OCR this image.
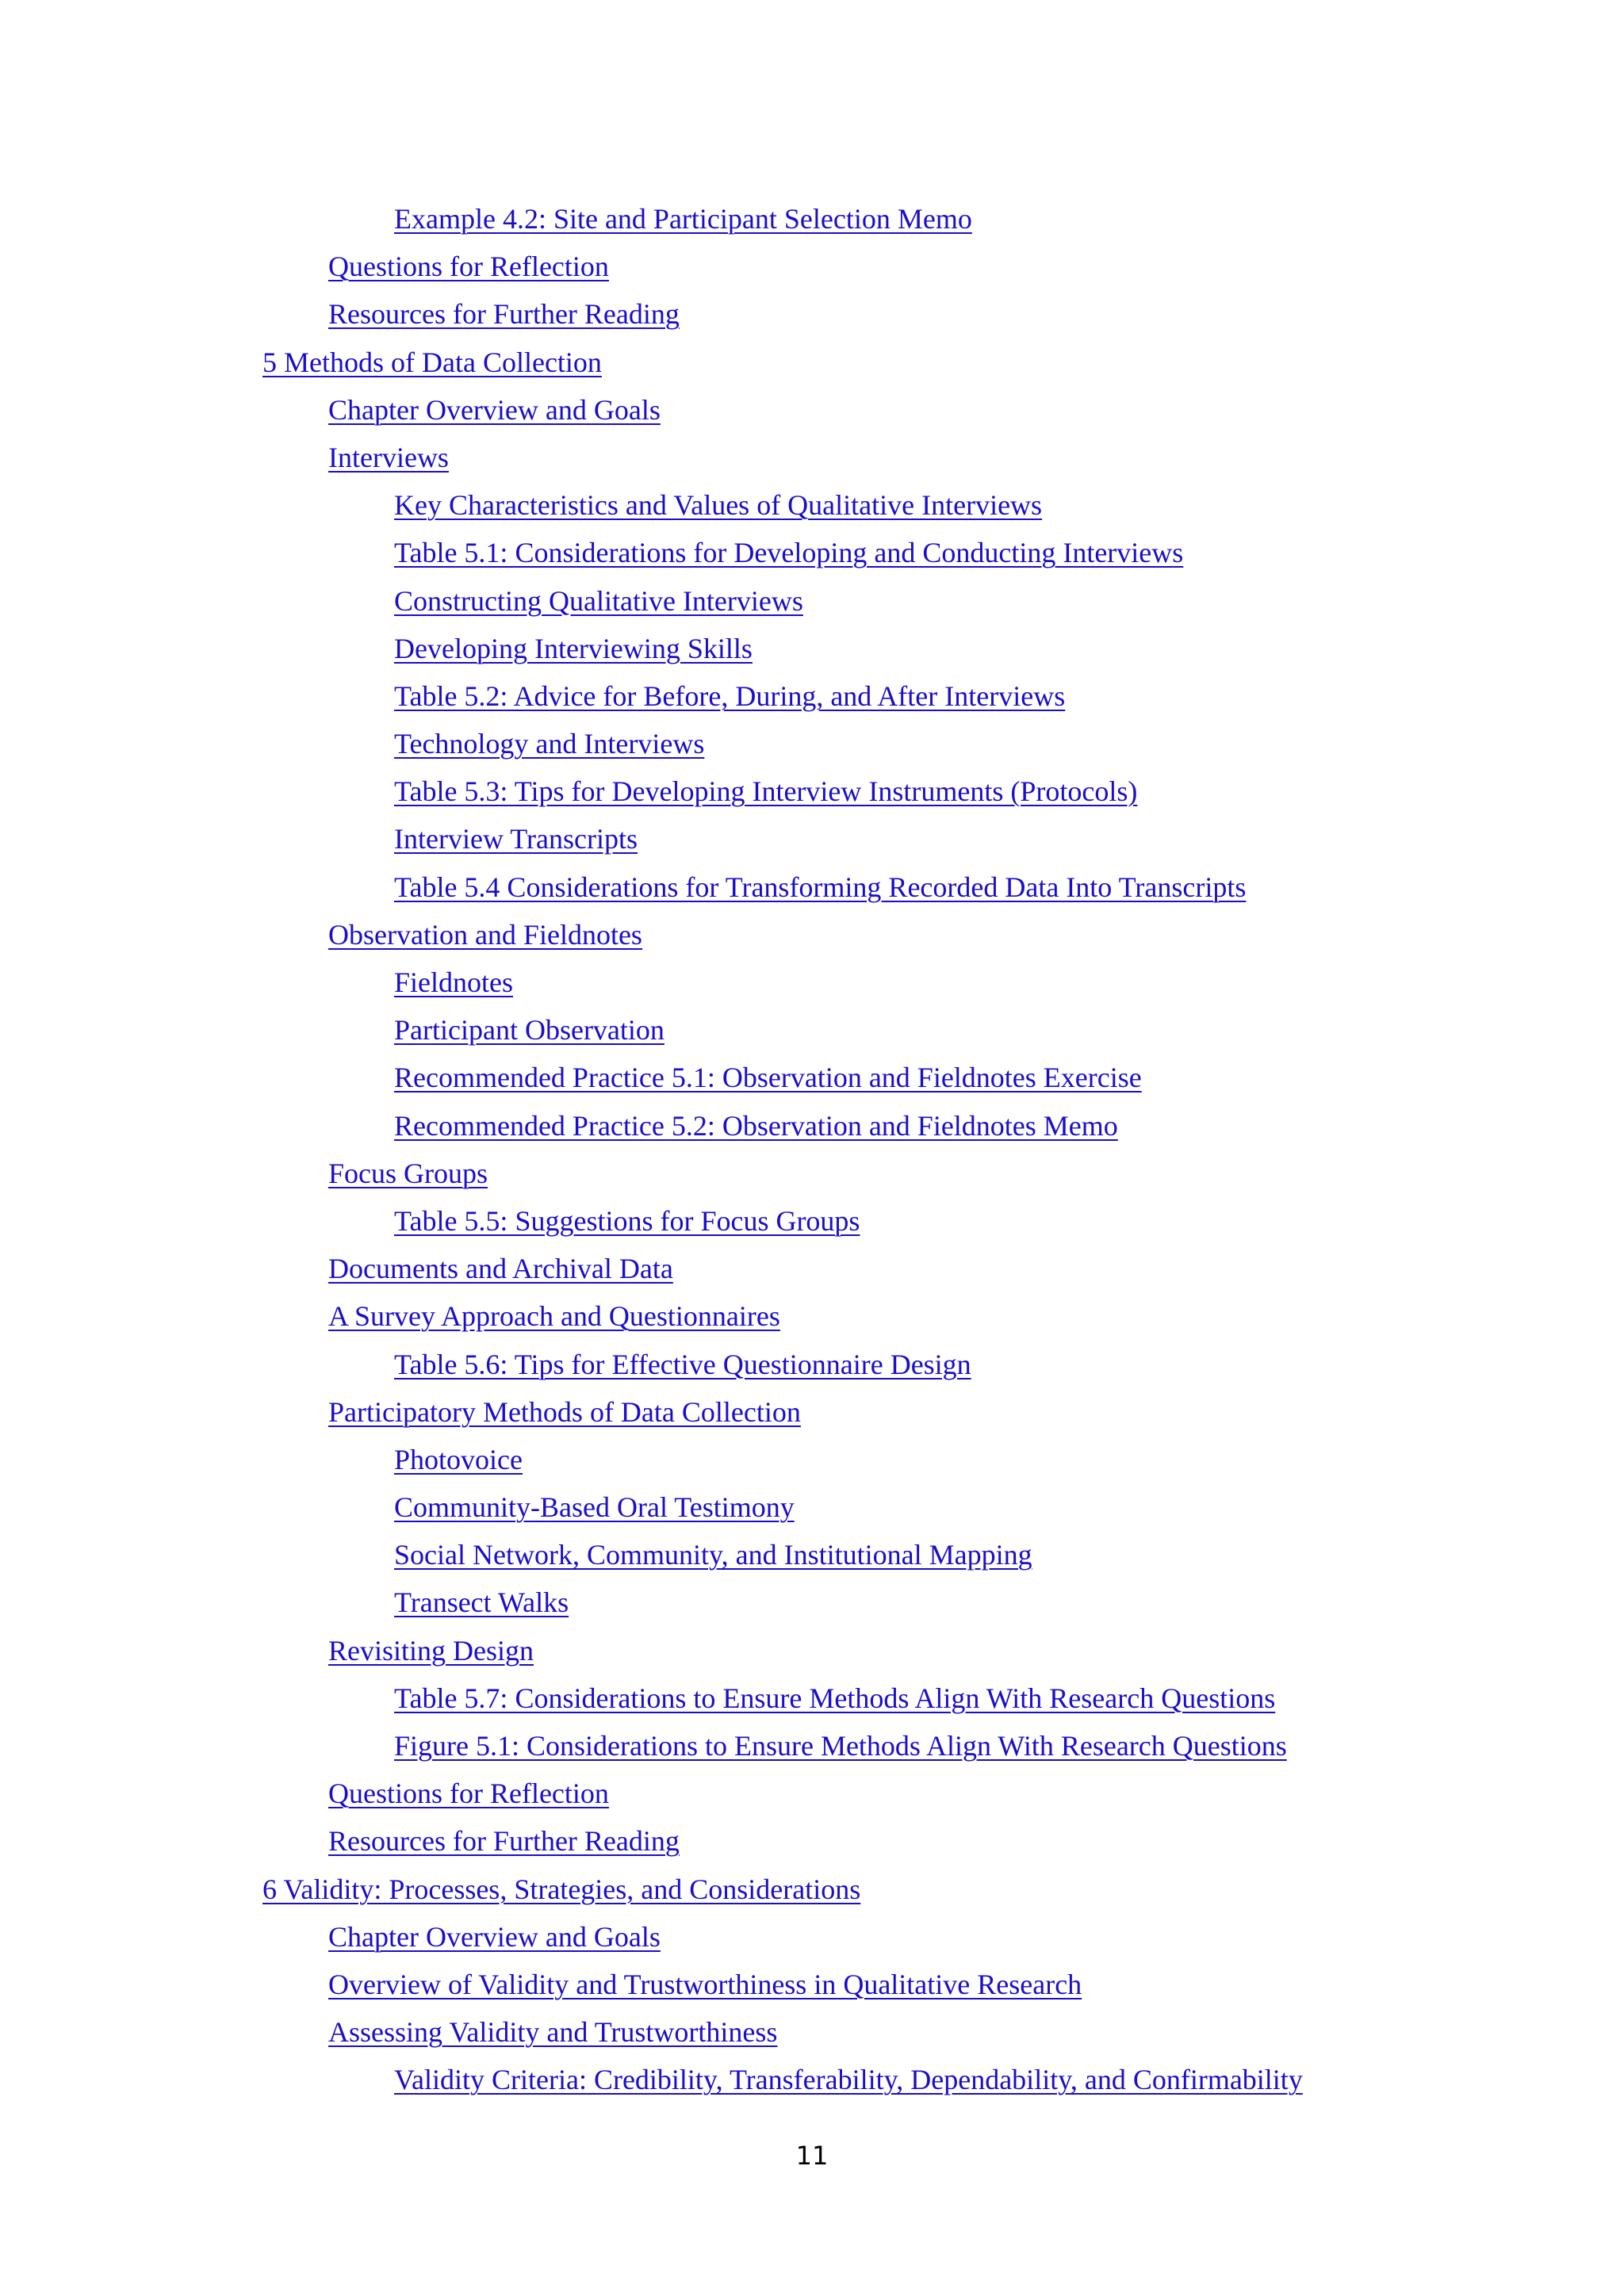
Example 4.2: Site and Participant Selection Memo
Questions for Reflection
Resources for Further Reading
5 Methods of Data Collection
Chapter Overview and Goals
Interviews
Key Characteristics and Values of Qualitative Interviews
Table 5.1: Considerations for Developing and Conducting Interviews
Constructing Qualitative Interviews
Developing Interviewing Skills
Table 5.2: Advice for Before, During, and After Interviews
Technology and Interviews
Table 5.3: Tips for Developing Interview Instruments (Protocols)
Interview Transcripts
Table 5.4 Considerations for Transforming Recorded Data Into Transcripts
Observation and Fieldnotes
Fieldnotes
Participant Observation
Recommended Practice 5.1: Observation and Fieldnotes Exercise
Recommended Practice 5.2: Observation and Fieldnotes Memo
Focus Groups
Table 5.5: Suggestions for Focus Groups
Documents and Archival Data
A Survey Approach and Questionnaires
Table 5.6: Tips for Effective Questionnaire Design
Participatory Methods of Data Collection
Photovoice
Community-Based Oral Testimony
Social Network, Community, and Institutional Mapping
Transect Walks
Revisiting Design
Table 5.7: Considerations to Ensure Methods Align With Research Questions
Figure 5.1: Considerations to Ensure Methods Align With Research Questions
Questions for Reflection
Resources for Further Reading
6 Validity: Processes, Strategies, and Considerations
Chapter Overview and Goals
Overview of Validity and Trustworthiness in Qualitative Research
Assessing Validity and Trustworthiness
Validity Criteria: Credibility, Transferability, Dependability, and Confirmability
11
